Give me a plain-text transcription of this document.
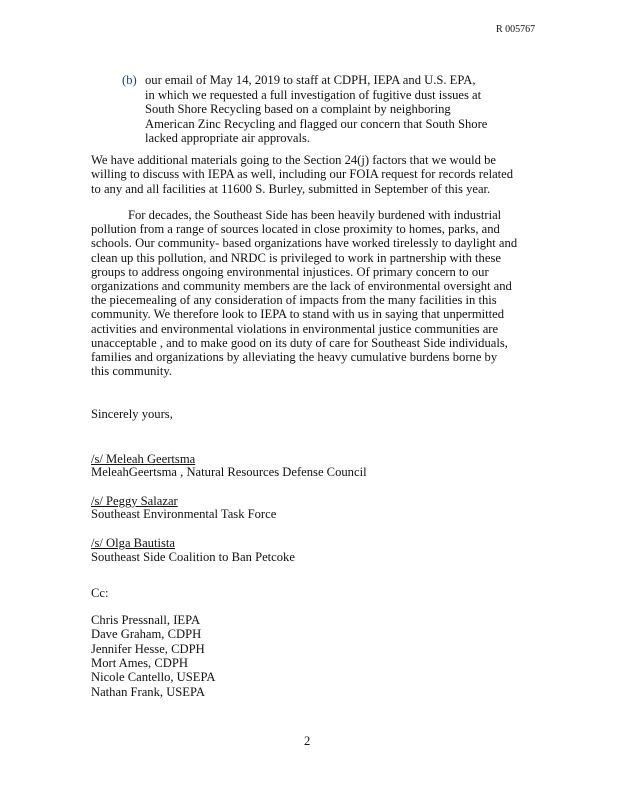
R 005767
(b) our email of May 14, 2019 to staff at CDPH, IEPA and U.S. EPA,
in which we requested a full investigation of fugitive dust issues at
South Shore Recycling based on a complaint by neighboring
American Zinc Recycling and flagged our concern that South Shore
lacked appropriate air approvals.
We have additional materials going to the Section 24(j) factors that we would be
willing to discuss with IEPA as well, including our FOIA request for records related
to any and all facilities at 11600 S. Burley, submitted in September of this year.
For decades, the Southeast Side has been heavily burdened with industrial
pollution from a range of sources located in close proximity to homes, parks, and
schools. Our community- based organizations have worked tirelessly to daylight and
clean up this pollution, and NRDC is privileged to work in partnership with these
groups to address ongoing environmental injustices. Of primary concern to our
organizations and community members are the lack of environmental oversight and
the piecemealing of any consideration of impacts from the many facilities in this
community. We therefore look to IEPA to stand with us in saying that unpermitted
activities and environmental violations in environmental justice communities are
unacceptable , and to make good on its duty of care for Southeast Side individuals,
families and organizations by alleviating the heavy cumulative burdens borne by
this community.
Sincerely yours,
/s/ Meleah Geertsma
MeleahGeertsma , Natural Resources Defense Council
/s/ Peggy Salazar
Southeast Environmental Task Force
/s/ Olga Bautista
Southeast Side Coalition to Ban Petcoke
Cc:
Chris Pressnall, IEPA
Dave Graham, CDPH
Jennifer Hesse, CDPH
Mort Ames, CDPH
Nicole Cantello, USEPA
Nathan Frank, USEPA
2
